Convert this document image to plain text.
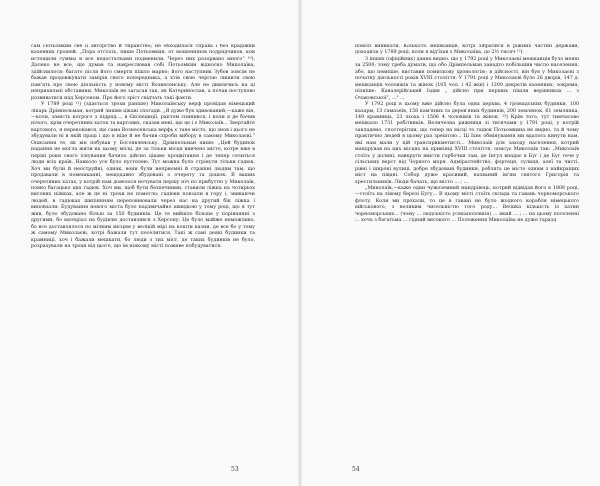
сам Потьомкин све її авторство й тиранство; не обходилася справа і без крадіжки казенних грошей. „Пора отстать, пише Потьомкин, от мошеннінов подрядчиков, кои истощили суммы и все недостатками подменили. Через них разорвано много“ ¹⁰). Далеко не все, що думав та накреслював собі Потьомкин відносно Миколаїва, здійснилося: багато після його смерти пішло марно; його наступник Зубов зовсім не бажав продовжувати замірів свого попередника, а хтів свою чергою лишити свою пам'ять про свою діяльність у новому місті Вознесенську. Але не дивлячись на ці неприхильні обставини, Миколаїв не загасав так, як Катеринослав, а почав поступово розвиватися над Херсоном. Про його зріст свідчать такі факти.

У 1789 році ¹¹) (здається трохи раніше) Миколаївську верф провідав німецький лікарь Дрімпельман, котрий лишив цікаві спогади. „Я дуже був здивований,—каже він,—коли, замість котрого з підряд..., в Єкспедиції, раптом спинився, і коли я де бачив нічого, крім очеретяних хаток та вартових, сказав мені, що це і є Миколаїв... Звертайте вартового, я переконався, що сама Вознесенська верфь є таке місто, що знов і цього не збудували ні в якій праці і що я ніде й не бачив спроби вибору в самому Миколаєві.“ Описання те, як він побував у Богоявленську. Дрімпельман пише: „Цей будинок надання не могла жити на цьому місці, де за тільки місця вивчено місто, котре вже в перші роки свого існування бачило дійсно цікаве процвітання і де тепер селиться люди всіх країв. Навколо усе було пустелею. Тут можна було стрінути тільки гадюк. Хоч ми були й неоструйні, однак, вони були неприємні й страшні людям там, що продавали в помешканні, нещодавно збудовані з очерету та дошок. В ваших очеретяних хатах, у котрій нам довелося ночувати першу ніч по прибуттю у Миколаїв, повно багацько цих гадюк. Хоч ми, щоб бути безпечними, ставили ліжка на чотирьох високих ніжках, але ж це ні трохи не помогло: гадюки повзали в гору і, звиваючи людей, в гадюках шипіннням переповнювали через нас на другий бік ліжка і виповзали. Будування нового міста було надзвичайно швидкою у тому році, що я тут жив, було збудовано більш за 150 будинків. Це те вийшло більше у порівнянні з другими, бо матеріал на будівлю доставлявся з Херсону. Це було майже неможливо, бо все доставлялося по мілким місцям у велікій мірі на кошти казни, де все бо у тому ж самому Миколаєві, котрі бажали тут поселитися. Такі ж самі деякі будинки та крамниці, хоч і бажали мешкати, бо люди з тих міст, де таких будинків не було, розрахували на трохи від цього, що їм ніякому місті поживе побудуватися.

поволі виникати. Кількість мешканців, котрі зібралися в ріжних частин держави, доходила у 1789 році, коли я від'їхав з Миколаїва, до 2½ тисяч ¹²).

З інших (офіційних) даних видно, що у 1792 році у Миколаєві мешканців було менш за 2500; тому треба думати, що обо Дрімпельман занадто побільшив число населення, або, що певніше, виставив помилкову хронологію; в дійсності, він був у Миколаєві з початку діяльності років XVIII століття. У 1791 році у Миколаєві було 26 дворів, 147 д. мешканців чоловіків та жінок (105 чол. і 42 жін) і 1200 декретів казенних; зокрема, пізніше: Кавалерійський їздив „ дійсно при перших пішли вершниках ... з Очаковської“, ..." ...

У 1792 році в цьому вже дійсно була одна церква, 4 громадських будинки, 100 казарм, 13 гамазеїв, 158 кам'яних та дерев'яних будинків, 200 землянок, 61 землянка, 149 крамниць, 23 льоха і 1506 4 чоловіків та жінок. ¹³) Крім того, тут тимчасово мешкало 1731 робітників. Величезна рижниця зі тисячами у 1791 році, у котрій закладено, спостерігши, що тепер на місці то гадюк Потьомкина не видно, та й чому практично людей в цьому раз зрештою... Ці Іхнє обмінування ми вдалось кинути нам, які нам мали у цій трансприкметисті... Миколаїв для заходу населення, котрий мандрував на цих місцях на прикінці XVIII століття, описує Миколаїв так: „Миколаїв стоїть у долині, навкруги вмісти горбочки там, де Інгул впадає в Буг і де Буг тече у сільських верст від Чорного моря. Адміралтейство, фортеця, сулиця, алеї та чисті, рівні і широкі вулиці, добре збудовані будинки, роблять це місто одним з найкращих міст на півдні. Собор дуже красивий, названий ім'ям святого Григорія та хрестильників. Люди бачать, що місто ... ; ...

„Миколаїв,—каже один чужоземний мандрівець, котрий відвідав його в 1808 році,—стоїть на лівому березі Бугу... В цьому місті стоїть склада та гавань чорноморського флоту. Коли ми прохали, то це в гавані не було жодного корабля німецького військового, з великим чисельністю того роду... Велика кількість із хатин чорноморських... (чому ... людськість усякаполовнія) ... який ... ; ... на цьому поселенні ... хоча з багатьма ... гідний високого ... Положення Миколаїва не дуже гаразд

53	54
